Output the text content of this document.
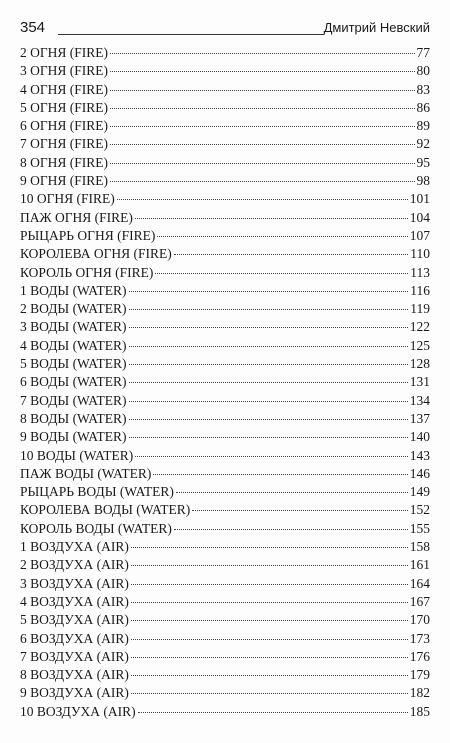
354	Дмитрий Невский
2 ОГНЯ (FIRE)	77
3 ОГНЯ (FIRE)	80
4 ОГНЯ (FIRE)	83
5 ОГНЯ (FIRE)	86
6 ОГНЯ (FIRE)	89
7 ОГНЯ (FIRE)	92
8 ОГНЯ (FIRE)	95
9 ОГНЯ (FIRE)	98
10 ОГНЯ (FIRE)	101
ПАЖ ОГНЯ (FIRE)	104
РЫЦАРЬ ОГНЯ (FIRE)	107
КОРОЛЕВА ОГНЯ (FIRE)	110
КОРОЛЬ ОГНЯ (FIRE)	113
1 ВОДЫ (WATER)	116
2 ВОДЫ (WATER)	119
3 ВОДЫ (WATER)	122
4 ВОДЫ (WATER)	125
5 ВОДЫ (WATER)	128
6 ВОДЫ (WATER)	131
7 ВОДЫ (WATER)	134
8 ВОДЫ (WATER)	137
9 ВОДЫ (WATER)	140
10 ВОДЫ (WATER)	143
ПАЖ ВОДЫ (WATER)	146
РЫЦАРЬ ВОДЫ (WATER)	149
КОРОЛЕВА ВОДЫ (WATER)	152
КОРОЛЬ ВОДЫ (WATER)	155
1 ВОЗДУХА (AIR)	158
2 ВОЗДУХА (AIR)	161
3 ВОЗДУХА (AIR)	164
4 ВОЗДУХА (AIR)	167
5 ВОЗДУХА (AIR)	170
6 ВОЗДУХА (AIR)	173
7 ВОЗДУХА (AIR)	176
8 ВОЗДУХА (AIR)	179
9 ВОЗДУХА (AIR)	182
10 ВОЗДУХА (AIR)	185
